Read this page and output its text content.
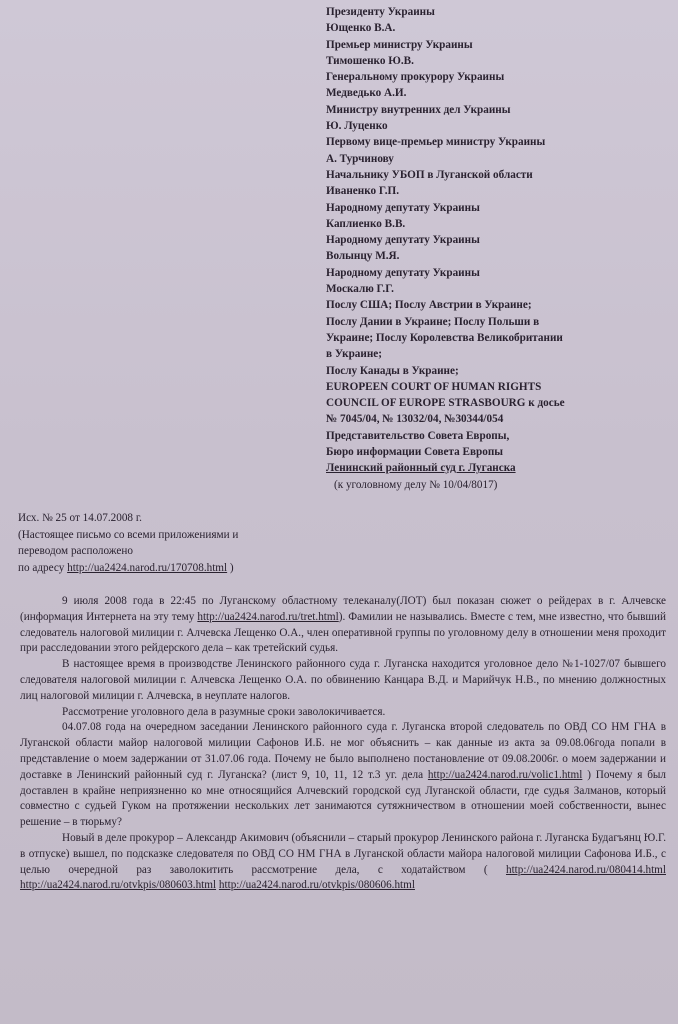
Президенту Украины
Ющенко В.А.
Премьер министру Украины
Тимошенко Ю.В.
Генеральному прокурору Украины
Медведько А.И.
Министру внутренних дел Украины
Ю. Луценко
Первому вице-премьер министру Украины
А. Турчинову
Начальнику УБОП в Луганской области
Иваненко Г.П.
Народному депутату Украины
Каплиенко В.В.
Народному депутату Украины
Волынцу М.Я.
Народному депутату Украины
Москалю Г.Г.
Послу США; Послу Австрии в Украине;
Послу Дании в Украине; Послу Польши в
Украине; Послу Королевства Великобритании
в Украине;
Послу Канады в Украине;
EUROPEEN COURT OF HUMAN RIGHTS
COUNCIL OF EUROPE STRASBOURG к досье
№ 7045/04, № 13032/04, №30344/054
Представительство Совета Европы,
Бюро информации Совета Европы
Ленинский районный суд г. Луганска
(к уголовному делу № 10/04/8017)
Исх. № 25 от 14.07.2008 г.
(Настоящее письмо со всеми приложениями и
переводом расположено
по адресу http://ua2424.narod.ru/170708.html )

9 июля 2008 года в 22:45 по Луганскому областному телеканалу(ЛОТ) был показан сюжет о рейдерах в г. Алчевске (информация Интернета на эту тему http://ua2424.narod.ru/tret.html). Фамилии не назывались. Вместе с тем, мне известно, что бывший следователь налоговой милиции г. Алчевска Лещенко О.А., член оперативной группы по уголовному делу в отношении меня проходит при расследовании этого рейдерского дела – как третейский судья.

В настоящее время в производстве Ленинского районного суда г. Луганска находится уголовное дело №1-1027/07 бывшего следователя налоговой милиции г. Алчевска Лещенко О.А. по обвинению Канцара В.Д. и Марийчук Н.В., по мнению должностных лиц налоговой милиции г. Алчевска, в неуплате налогов.

Рассмотрение уголовного дела в разумные сроки заволокичивается.

04.07.08 года на очередном заседании Ленинского районного суда г. Луганска второй следователь по ОВД СО НМ ГНА в Луганской области майор налоговой милиции Сафонов И.Б. не мог объяснить – как данные из акта за 09.08.06года попали в представление о моем задержании от 31.07.06 года. Почему не было выполнено постановление от 09.08.2006г. о моем задержании и доставке в Ленинский районный суд г. Луганска? (лист 9, 10, 11, 12 т.3 уг. дела http://ua2424.narod.ru/volic1.html ) Почему я был доставлен в крайне неприязненно ко мне относящийся Алчевский городской суд Луганской области, где судья Залманов, который совместно с судьей Гуком на протяжении нескольких лет занимаются сутяжничеством в отношении моей собственности, вынес решение – в тюрьму?

Новый в деле прокурор – Александр Акимович (объяснили – старый прокурор Ленинского района г. Луганска Будагъянц Ю.Г. в отпуске) вышел, по подсказке следователя по ОВД СО НМ ГНА в Луганской области майора налоговой милиции Сафонова И.Б., с целью очередной раз заволокитить рассмотрение дела, с ходатайством ( http://ua2424.narod.ru/080414.html http://ua2424.narod.ru/otvkpis/080603.html http://ua2424.narod.ru/otvkpis/080606.html
